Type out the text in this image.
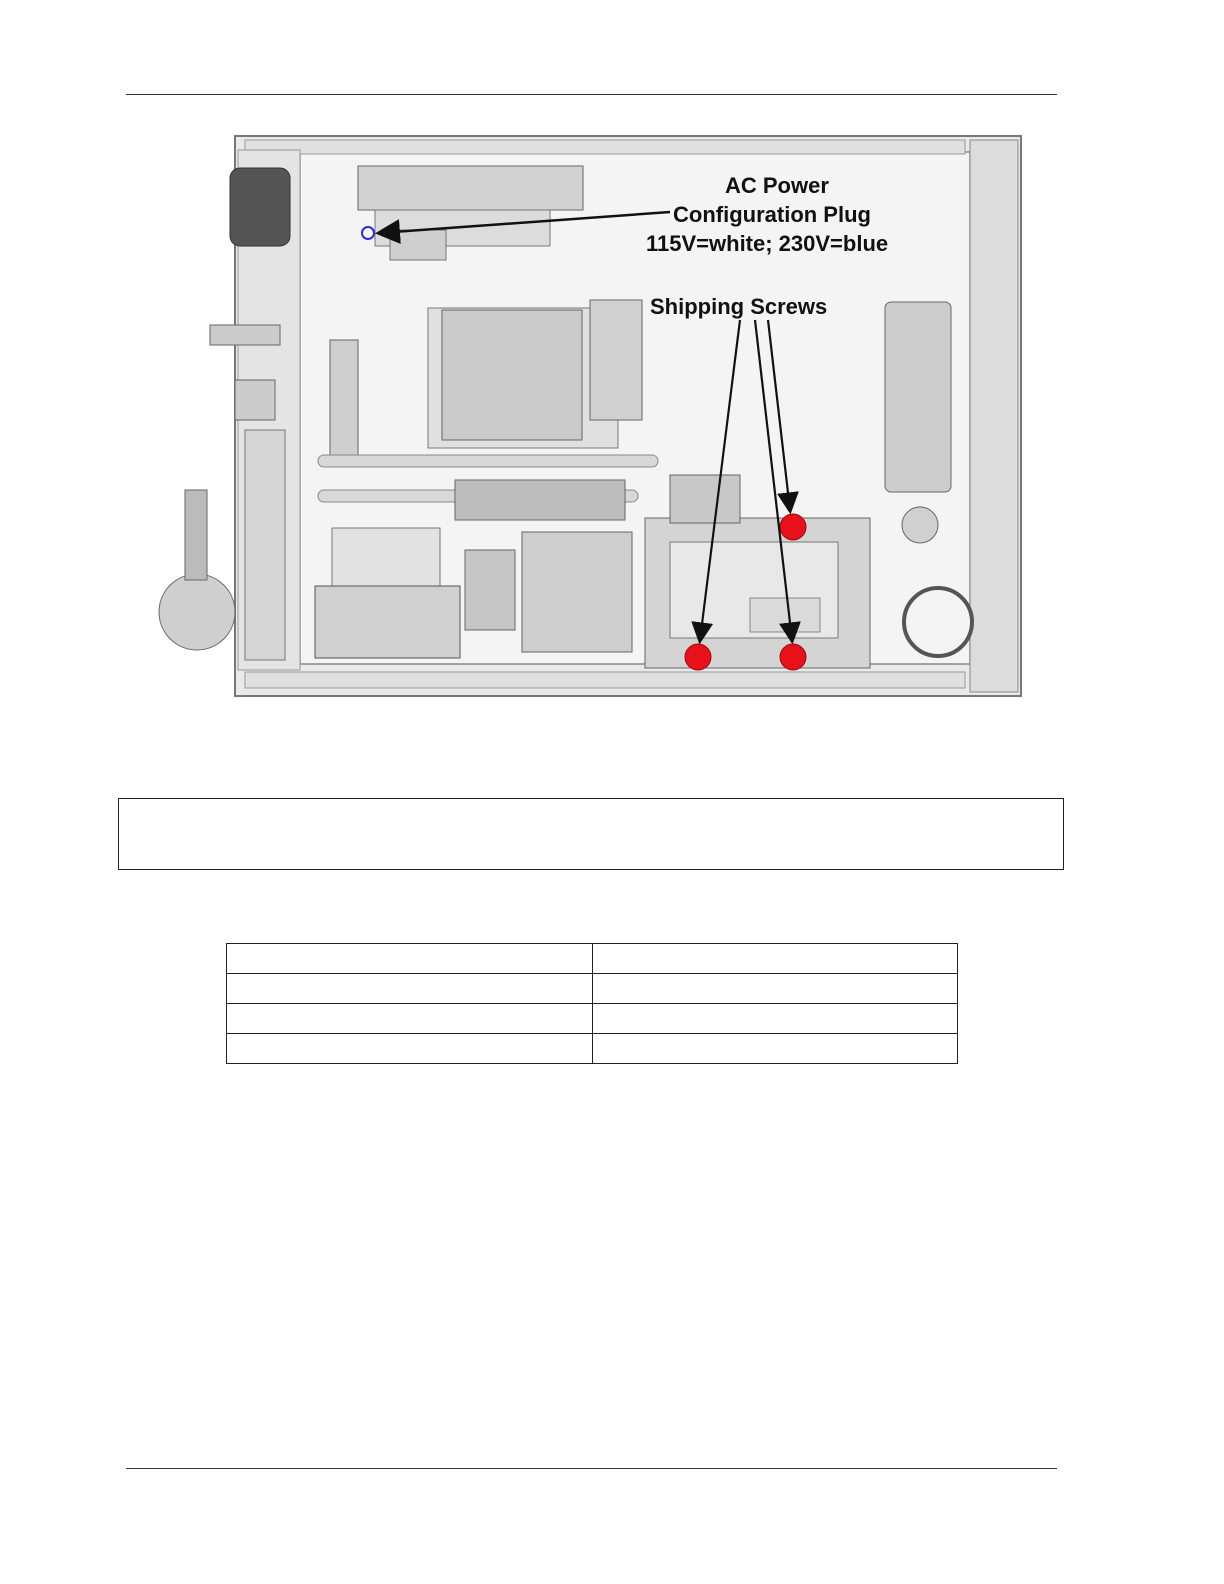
AC Power
Configuration Plug
115V=white; 230V=blue
Shipping Screws
